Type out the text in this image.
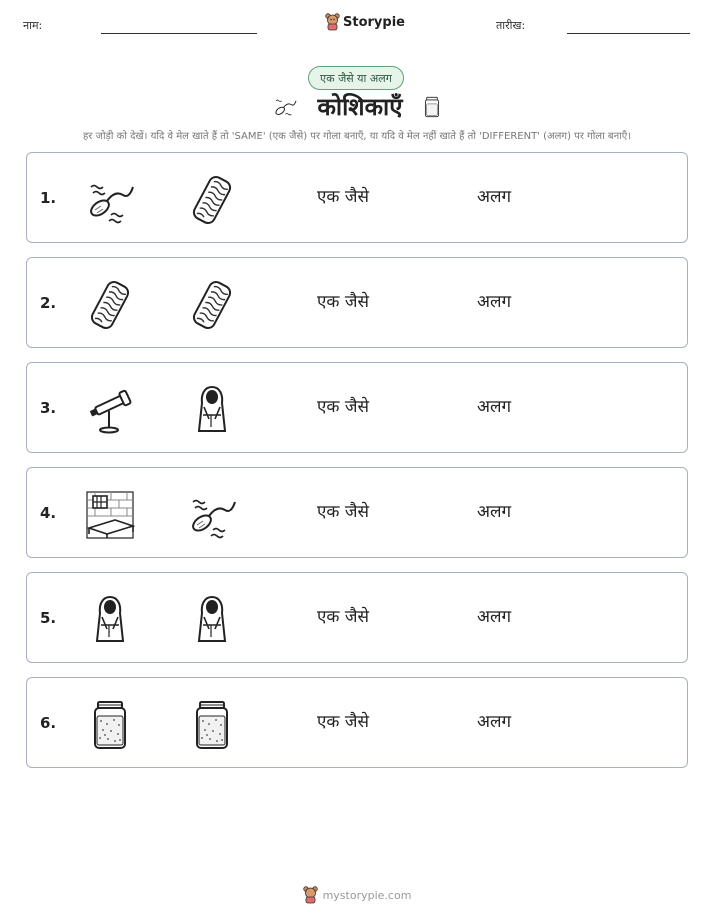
नाम:	Storypie	तारीख:
एक जैसे या अलग
कोशिकाएँ
हर जोड़ी को देखें। यदि वे मेल खाते हैं तो 'SAME' (एक जैसे) पर गोला बनाएँ, या यदि वे मेल नहीं खाते हैं तो 'DIFFERENT' (अलग) पर गोला बनाएँ।
1.	एक जैसे	अलग
2.	एक जैसे	अलग
3.	एक जैसे	अलग
4.	एक जैसे	अलग
5.	एक जैसे	अलग
6.	एक जैसे	अलग
mystorypie.com
